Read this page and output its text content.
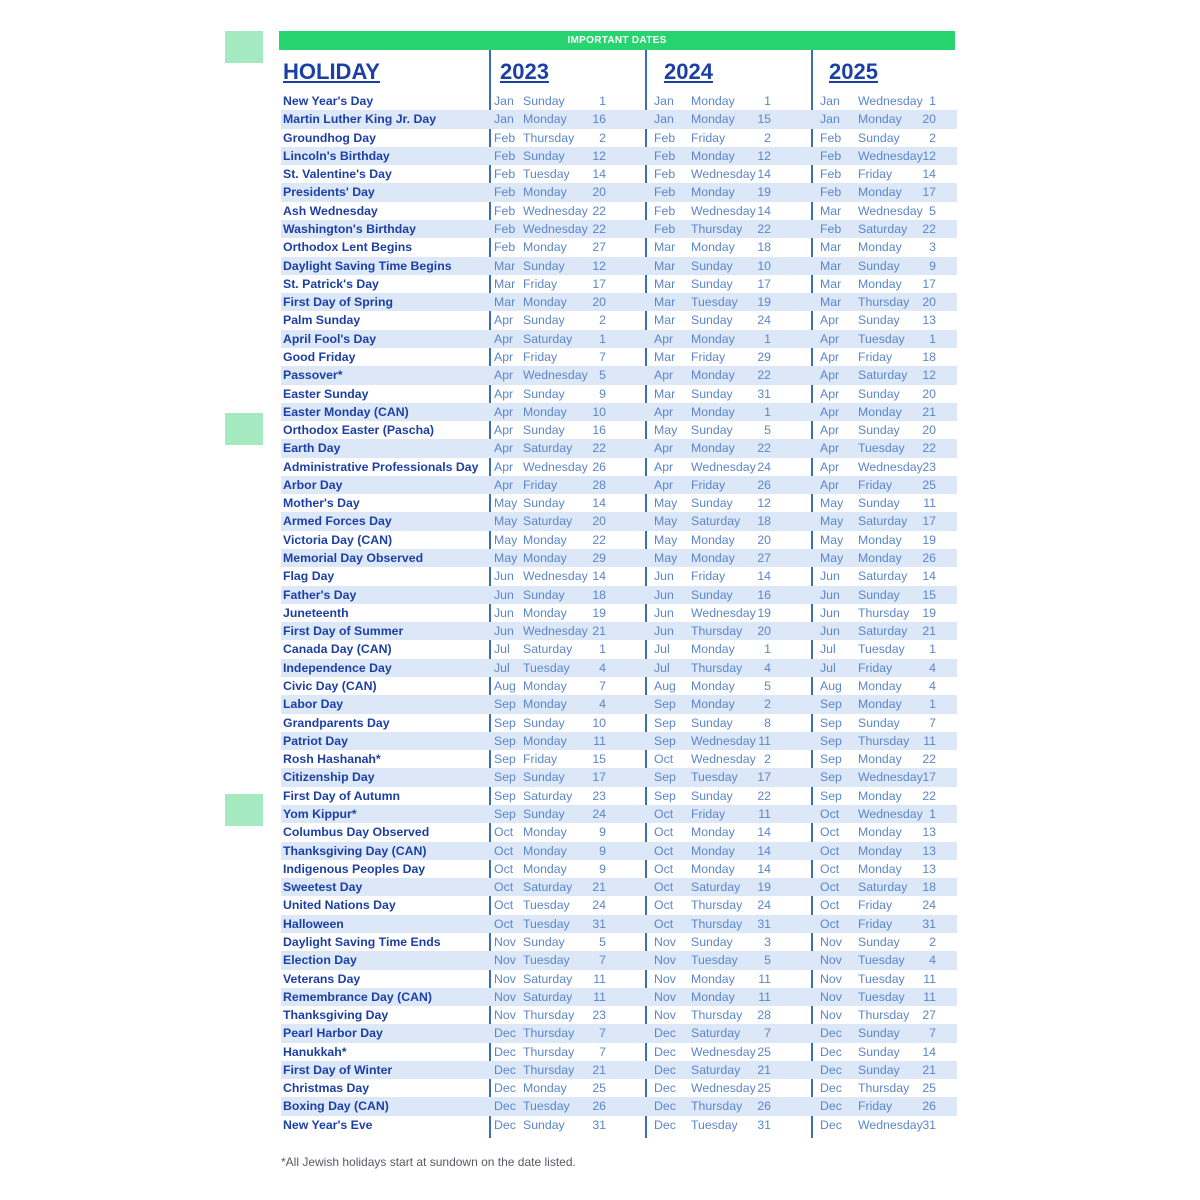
IMPORTANT DATES
HOLIDAY	2023	2024	2025
New Year's Day	Jan Sunday	1	Jan Monday	1	Jan Wednesday 1
Martin Luther King Jr. Day	Jan Monday	16	Jan Monday	15	Jan Monday	20
Groundhog Day	Feb Thursday	2	Feb Friday	2	Feb Sunday	2
Lincoln's Birthday	Feb Sunday	12	Feb Monday	12	Feb Wednesday 12
St. Valentine's Day	Feb Tuesday	14	Feb Wednesday 14	Feb Friday	14
Presidents' Day	Feb Monday	20	Feb Monday	19	Feb Monday	17
Ash Wednesday	Feb Wednesday 22	Feb Wednesday 14	Mar Wednesday 5
Washington's Birthday	Feb Wednesday 22	Feb Thursday	22	Feb Saturday	22
Orthodox Lent Begins	Feb Monday	27	Mar Monday	18	Mar Monday	3
Daylight Saving Time Begins	Mar Sunday	12	Mar Sunday	10	Mar Sunday	9
St. Patrick's Day	Mar Friday	17	Mar Sunday	17	Mar Monday	17
First Day of Spring	Mar Monday	20	Mar Tuesday	19	Mar Thursday	20
Palm Sunday	Apr Sunday	2	Mar Sunday	24	Apr Sunday	13
April Fool's Day	Apr Saturday	1	Apr Monday	1	Apr Tuesday	1
Good Friday	Apr Friday	7	Mar Friday	29	Apr Friday	18
Passover*	Apr Wednesday 5	Apr Monday	22	Apr Saturday	12
Easter Sunday	Apr Sunday	9	Mar Sunday	31	Apr Sunday	20
Easter Monday (CAN)	Apr Monday	10	Apr Monday	1	Apr Monday	21
Orthodox Easter (Pascha)	Apr Sunday	16	May Sunday	5	Apr Sunday	20
Earth Day	Apr Saturday	22	Apr Monday	22	Apr Tuesday	22
Administrative Professionals Day Apr Wednesday 26	Apr Wednesday 24	Apr Wednesday 23
Arbor Day	Apr Friday	28	Apr Friday	26	Apr Friday	25
Mother's Day	May Sunday	14	May Sunday	12	May Sunday	11
Armed Forces Day	May Saturday	20	May Saturday	18	May Saturday	17
Victoria Day (CAN)	May Monday	22	May Monday	20	May Monday	19
Memorial Day Observed	May Monday	29	May Monday	27	May Monday	26
Flag Day	Jun Wednesday 14	Jun Friday	14	Jun Saturday	14
Father's Day	Jun Sunday	18	Jun Sunday	16	Jun Sunday	15
Juneteenth	Jun Monday	19	Jun Wednesday 19	Jun Thursday	19
First Day of Summer	Jun Wednesday 21	Jun Thursday	20	Jun Saturday	21
Canada Day (CAN)	Jul Saturday	1	Jul Monday	1	Jul Tuesday	1
Independence Day	Jul Tuesday	4	Jul Thursday	4	Jul Friday	4
Civic Day (CAN)	Aug Monday	7	Aug Monday	5	Aug Monday	4
Labor Day	Sep Monday	4	Sep Monday	2	Sep Monday	1
Grandparents Day	Sep Sunday	10	Sep Sunday	8	Sep Sunday	7
Patriot Day	Sep Monday	11	Sep Wednesday 11	Sep Thursday	11
Rosh Hashanah*	Sep Friday	15	Oct Wednesday 2	Sep Monday	22
Citizenship Day	Sep Sunday	17	Sep Tuesday	17	Sep Wednesday 17
First Day of Autumn	Sep Saturday	23	Sep Sunday	22	Sep Monday	22
Yom Kippur*	Sep Sunday	24	Oct Friday	11	Oct Wednesday 1
Columbus Day Observed	Oct Monday	9	Oct Monday	14	Oct Monday	13
Thanksgiving Day (CAN)	Oct Monday	9	Oct Monday	14	Oct Monday	13
Indigenous Peoples Day	Oct Monday	9	Oct Monday	14	Oct Monday	13
Sweetest Day	Oct Saturday	21	Oct Saturday	19	Oct Saturday	18
United Nations Day	Oct Tuesday	24	Oct Thursday	24	Oct Friday	24
Halloween	Oct Tuesday	31	Oct Thursday	31	Oct Friday	31
Daylight Saving Time Ends	Nov Sunday	5	Nov Sunday	3	Nov Sunday	2
Election Day	Nov Tuesday	7	Nov Tuesday	5	Nov Tuesday	4
Veterans Day	Nov Saturday	11	Nov Monday	11	Nov Tuesday	11
Remembrance Day (CAN)	Nov Saturday	11	Nov Monday	11	Nov Tuesday	11
Thanksgiving Day	Nov Thursday	23	Nov Thursday	28	Nov Thursday	27
Pearl Harbor Day	Dec Thursday	7	Dec Saturday	7	Dec Sunday	7
Hanukkah*	Dec Thursday	7	Dec Wednesday 25	Dec Sunday	14
First Day of Winter	Dec Thursday	21	Dec Saturday	21	Dec Sunday	21
Christmas Day	Dec Monday	25	Dec Wednesday 25	Dec Thursday	25
Boxing Day (CAN)	Dec Tuesday	26	Dec Thursday	26	Dec Friday	26
New Year's Eve	Dec Sunday	31	Dec Tuesday	31	Dec Wednesday 31
*All Jewish holidays start at sundown on the date listed.
